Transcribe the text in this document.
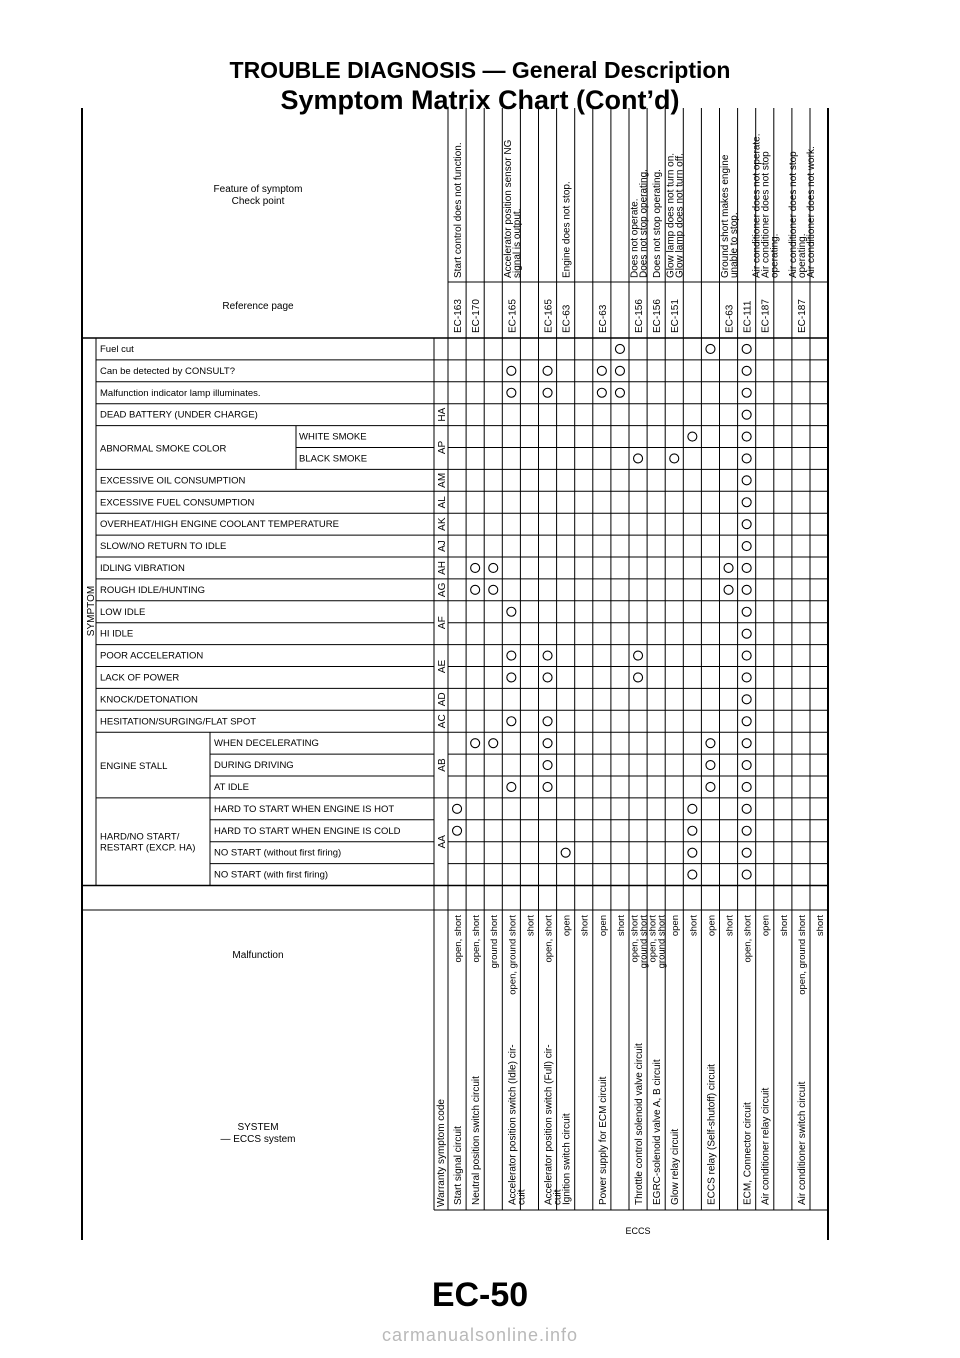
TROUBLE DIAGNOSIS — General Description
Symptom Matrix Chart (Cont’d)
Feature of symptom
Check point
Reference page
SYMPTOM
Malfunction
SYSTEM
— ECCS system	Warranty symptom code
ECCS
Start control does not function.
EC-163
open, short
Start signal circuit
EC-170
open, short
Neutral position switch circuit
ground short
Accelerator position sensor NG
signal is output.
EC-165
open, ground short
Accelerator position switch (Idle) cir-
cuit
short
EC-165
open, short
Accelerator position switch (Full) cir-
cuit
Engine does not stop.
EC-63
open
Ignition switch circuit
short
EC-63
open
Power supply for ECM circuit
short
Does not operate.
Does not stop operating.
EC-156
open, short
ground short
Throttle control solenoid valve circuit
Does not stop operating.
EC-156
open, short
ground short
EGRC-solenoid valve A, B circuit
Glow lamp does not turn on.
Glow lamp does not turn off.
EC-151
open
Glow relay circuit
short open
ECCS relay (Self-shutoff) circuit
Ground short makes engine
unable to stop.
EC-63
short
EC-111
open, short
ECM, Connector circuit
Air conditioner does not operate.
Air conditioner does not stop
operating.
EC-187
open
Air conditioner relay circuit
short
Air conditioner does not stop
operating.
Air conditioner does not work.
EC-187
open, ground short
Air conditioner switch circuit
short
Fuel cut
Can be detected by CONSULT?
Malfunction indicator lamp illuminates.
DEAD BATTERY (UNDER CHARGE)
WHITE SMOKE
BLACK SMOKE
EXCESSIVE OIL CONSUMPTION
EXCESSIVE FUEL CONSUMPTION
OVERHEAT/HIGH ENGINE COOLANT TEMPERATURE
SLOW/NO RETURN TO IDLE
IDLING VIBRATION
ROUGH IDLE/HUNTING
LOW IDLE
HI IDLE
POOR ACCELERATION
LACK OF POWER
KNOCK/DETONATION
HESITATION/SURGING/FLAT SPOT
WHEN DECELERATING
DURING DRIVING
AT IDLE
HARD TO START WHEN ENGINE IS HOT
HARD TO START WHEN ENGINE IS COLD
NO START (without first firing)
NO START (with first firing)
ABNORMAL SMOKE COLOR
ENGINE STALL
HARD/NO START/
RESTART (EXCP. HA)
HA
AP
AM
AL
AK
AJ
AH
AG
AF
AE
AD
AC
AB
AA
EC-50
carmanualsonline.info
